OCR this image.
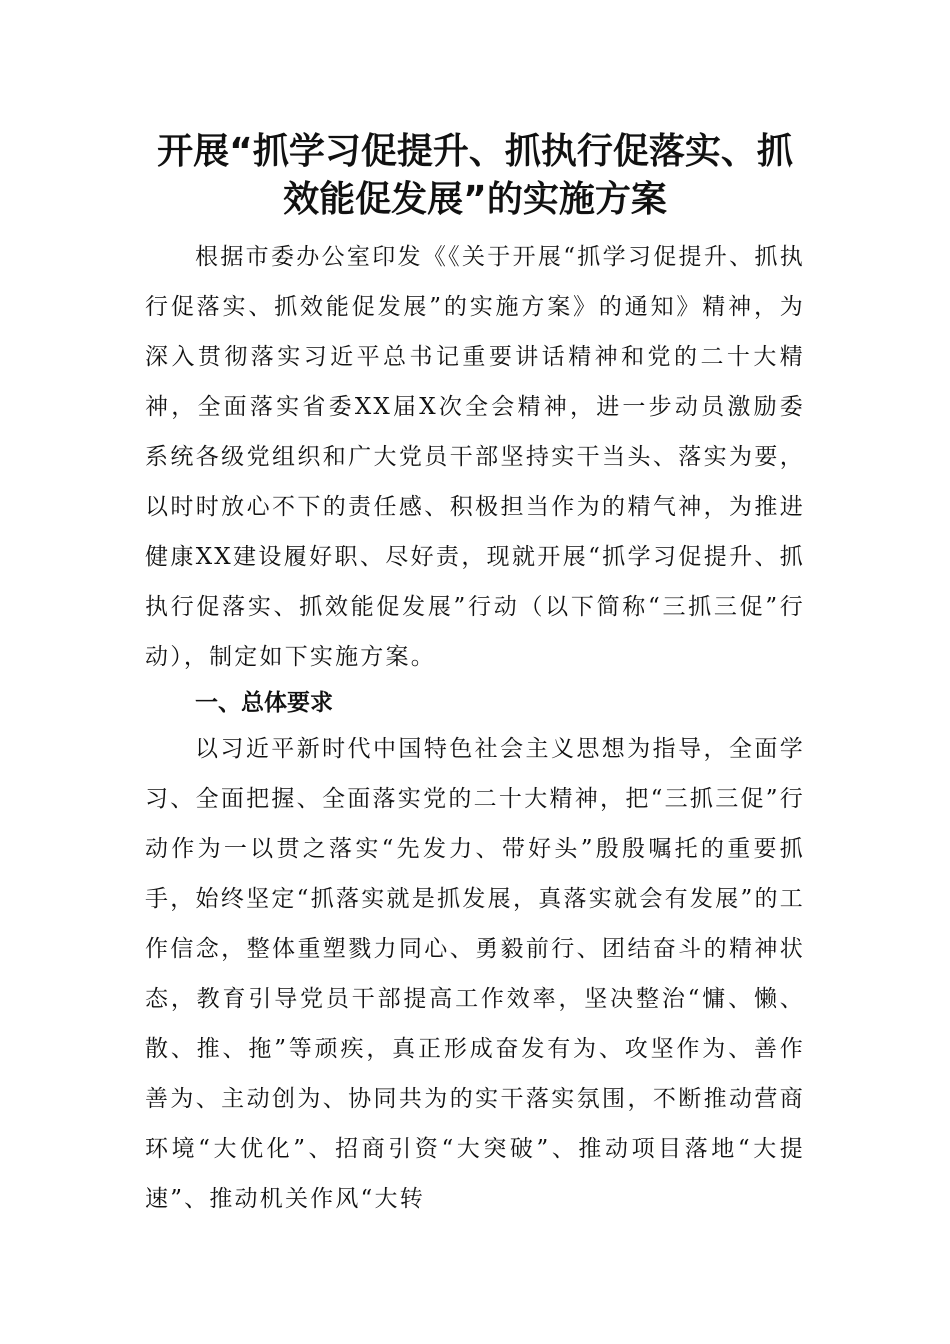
开展“抓学习促提升、抓执行促落实、抓效能促发展”的实施方案

根据市委办公室印发《《关于开展“抓学习促提升、抓执行促落实、抓效能促发展”的实施方案》的通知》精神，为深入贯彻落实习近平总书记重要讲话精神和党的二十大精神，全面落实省委XX届X次全会精神，进一步动员激励委系统各级党组织和广大党员干部坚持实干当头、落实为要，以时时放心不下的责任感、积极担当作为的精气神，为推进健康XX建设履好职、尽好责，现就开展“抓学习促提升、抓执行促落实、抓效能促发展”行动（以下简称“三抓三促”行动），制定如下实施方案。

一、总体要求

以习近平新时代中国特色社会主义思想为指导，全面学习、全面把握、全面落实党的二十大精神，把“三抓三促”行动作为一以贯之落实“先发力、带好头”殷殷嘱托的重要抓手，始终坚定“抓落实就是抓发展，真落实就会有发展”的工作信念，整体重塑戮力同心、勇毅前行、团结奋斗的精神状态，教育引导党员干部提高工作效率，坚决整治“慵、懒、散、推、拖”等顽疾，真正形成奋发有为、攻坚作为、善作善为、主动创为、协同共为的实干落实氛围，不断推动营商环境“大优化”、招商引资“大突破”、推动项目落地“大提速”、推动机关作风“大转
